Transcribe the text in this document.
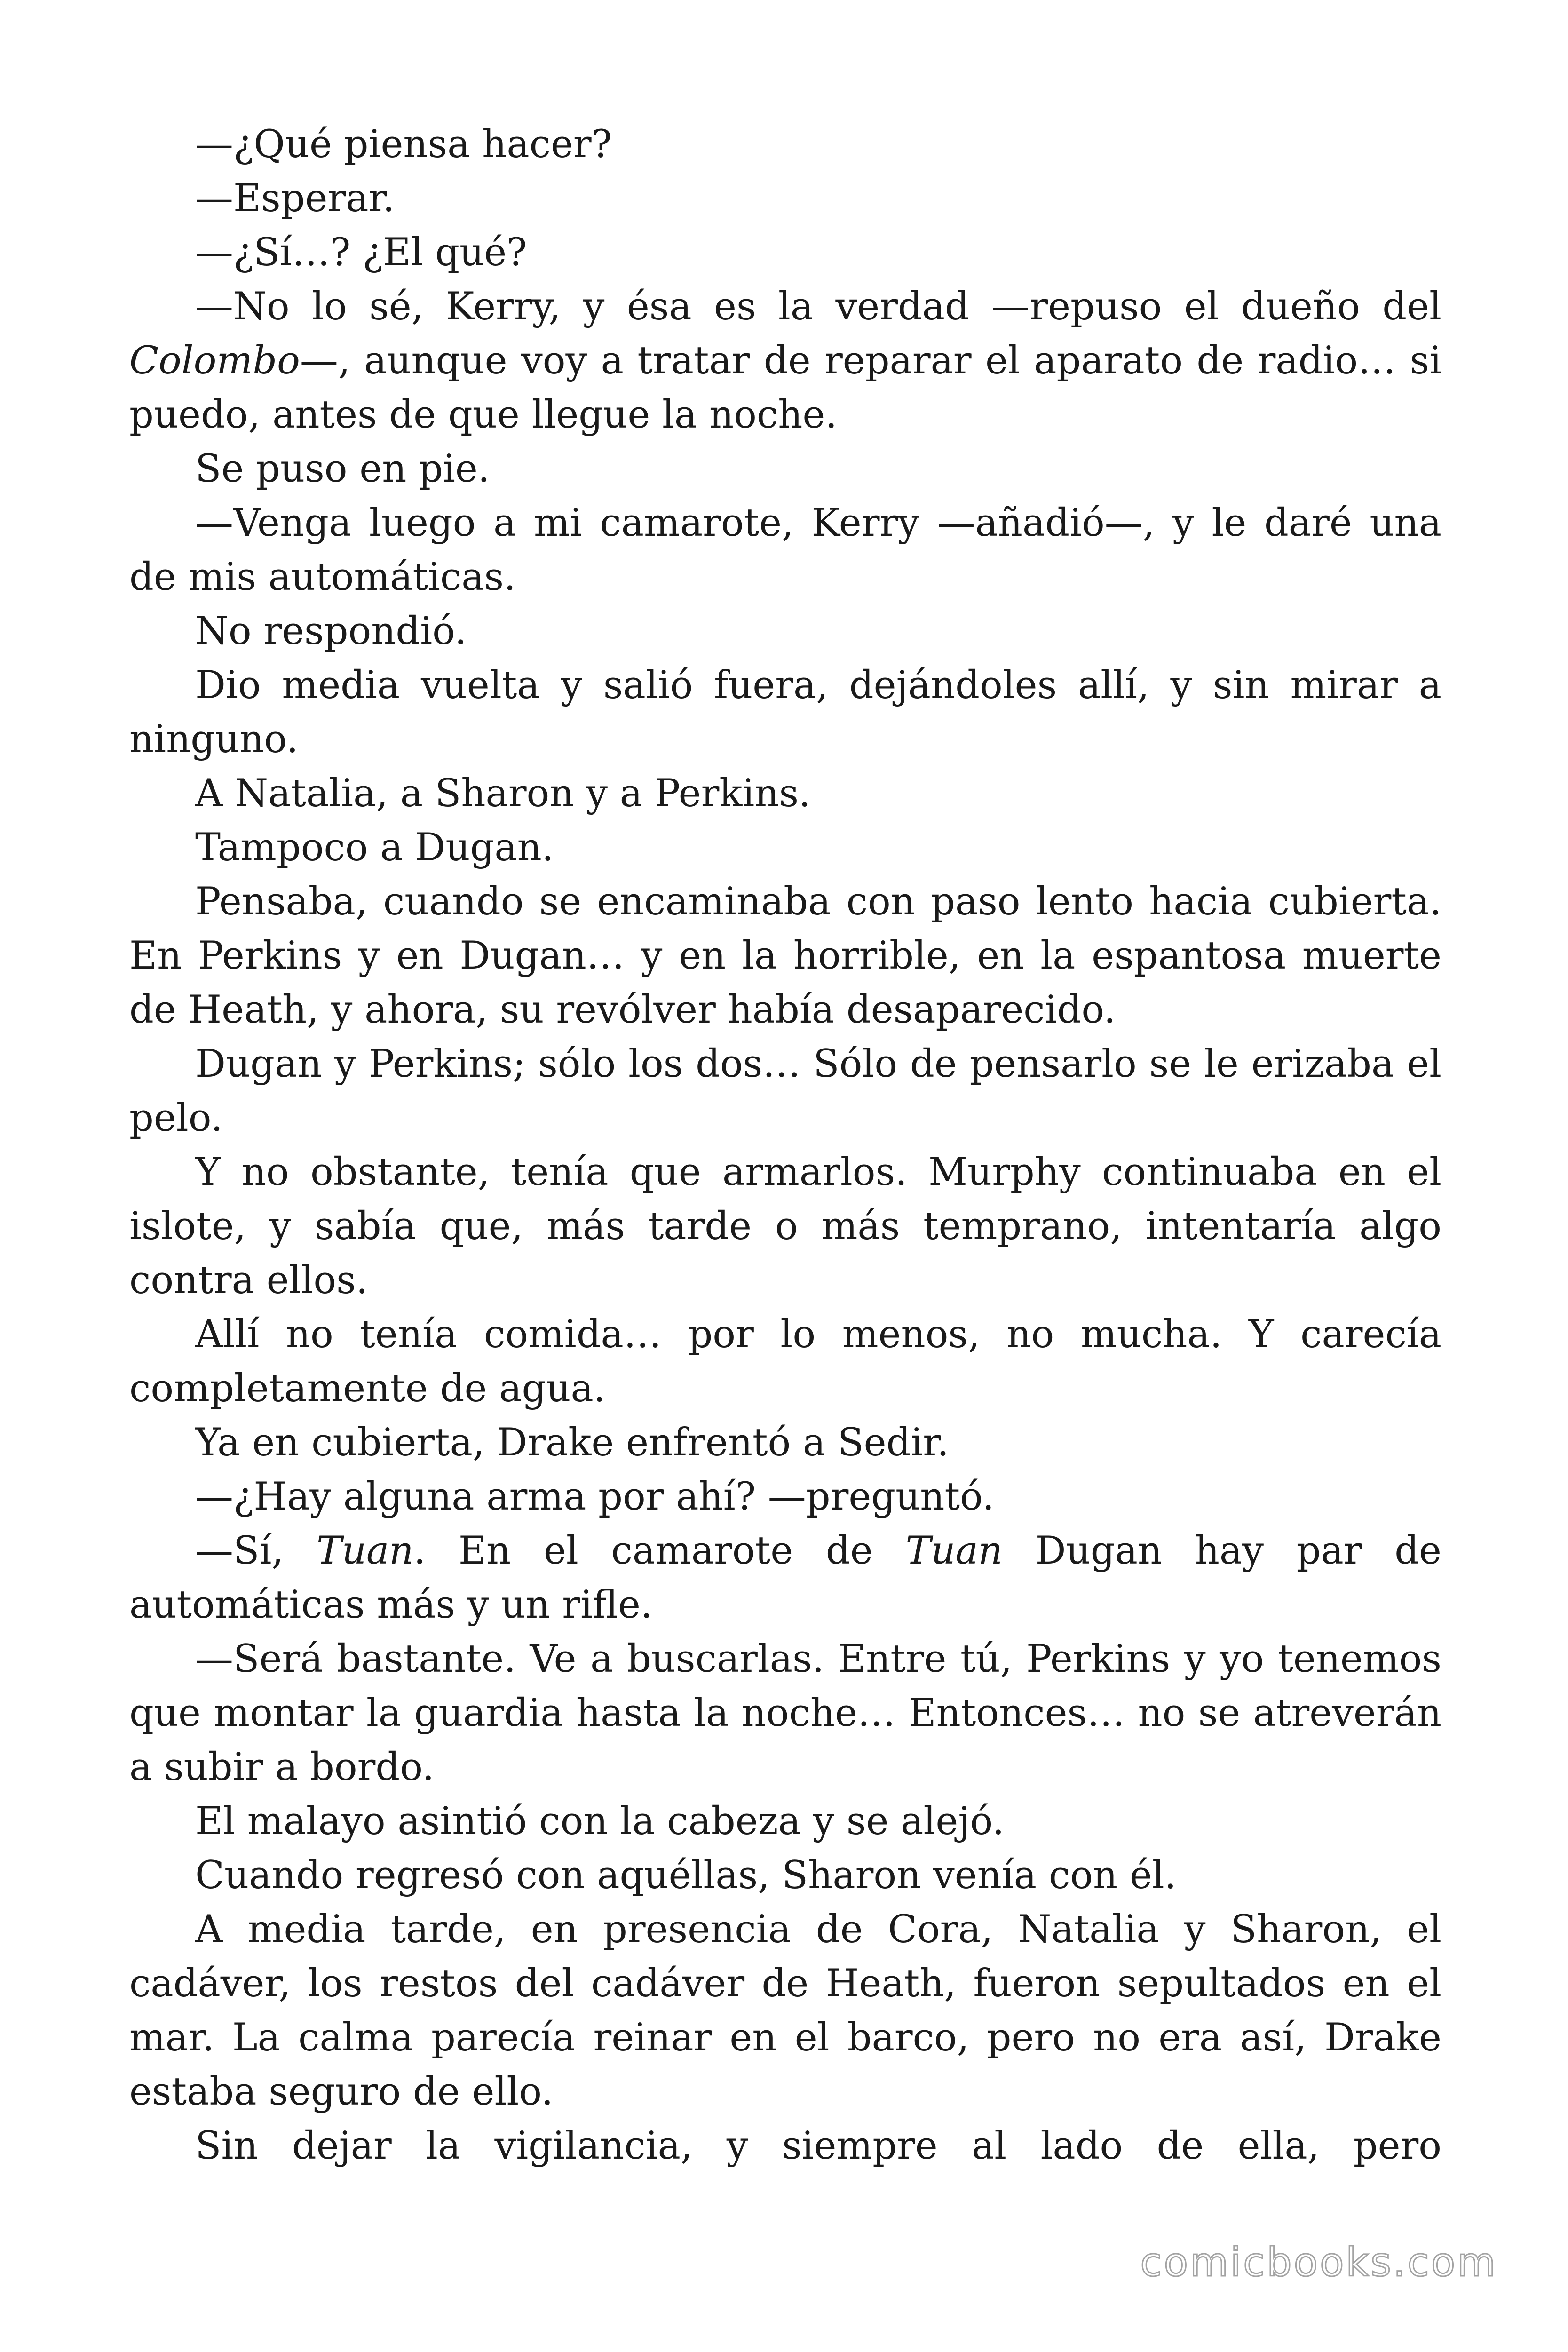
—¿Qué piensa hacer?

—Esperar.

—¿Sí…? ¿El qué?

—No lo sé, Kerry, y ésa es la verdad —repuso el dueño del Colombo—, aunque voy a tratar de reparar el aparato de radio… si puedo, antes de que llegue la noche.

Se puso en pie.

—Venga luego a mi camarote, Kerry —añadió—, y le daré una de mis automáticas.

No respondió.

Dio media vuelta y salió fuera, dejándoles allí, y sin mirar a ninguno.

A Natalia, a Sharon y a Perkins.

Tampoco a Dugan.

Pensaba, cuando se encaminaba con paso lento hacia cubierta. En Perkins y en Dugan… y en la horrible, en la espantosa muerte de Heath, y ahora, su revólver había desaparecido.

Dugan y Perkins; sólo los dos… Sólo de pensarlo se le erizaba el pelo.

Y no obstante, tenía que armarlos. Murphy continuaba en el islote, y sabía que, más tarde o más temprano, intentaría algo contra ellos.

Allí no tenía comida… por lo menos, no mucha. Y carecía completamente de agua.

Ya en cubierta, Drake enfrentó a Sedir.

—¿Hay alguna arma por ahí? —preguntó.

—Sí, Tuan. En el camarote de Tuan Dugan hay par de automáticas más y un rifle.

—Será bastante. Ve a buscarlas. Entre tú, Perkins y yo tenemos que montar la guardia hasta la noche… Entonces… no se atreverán a subir a bordo.

El malayo asintió con la cabeza y se alejó.

Cuando regresó con aquéllas, Sharon venía con él.

A media tarde, en presencia de Cora, Natalia y Sharon, el cadáver, los restos del cadáver de Heath, fueron sepultados en el mar. La calma parecía reinar en el barco, pero no era así, Drake estaba seguro de ello.

Sin dejar la vigilancia, y siempre al lado de ella, pero

comicbooks.com
